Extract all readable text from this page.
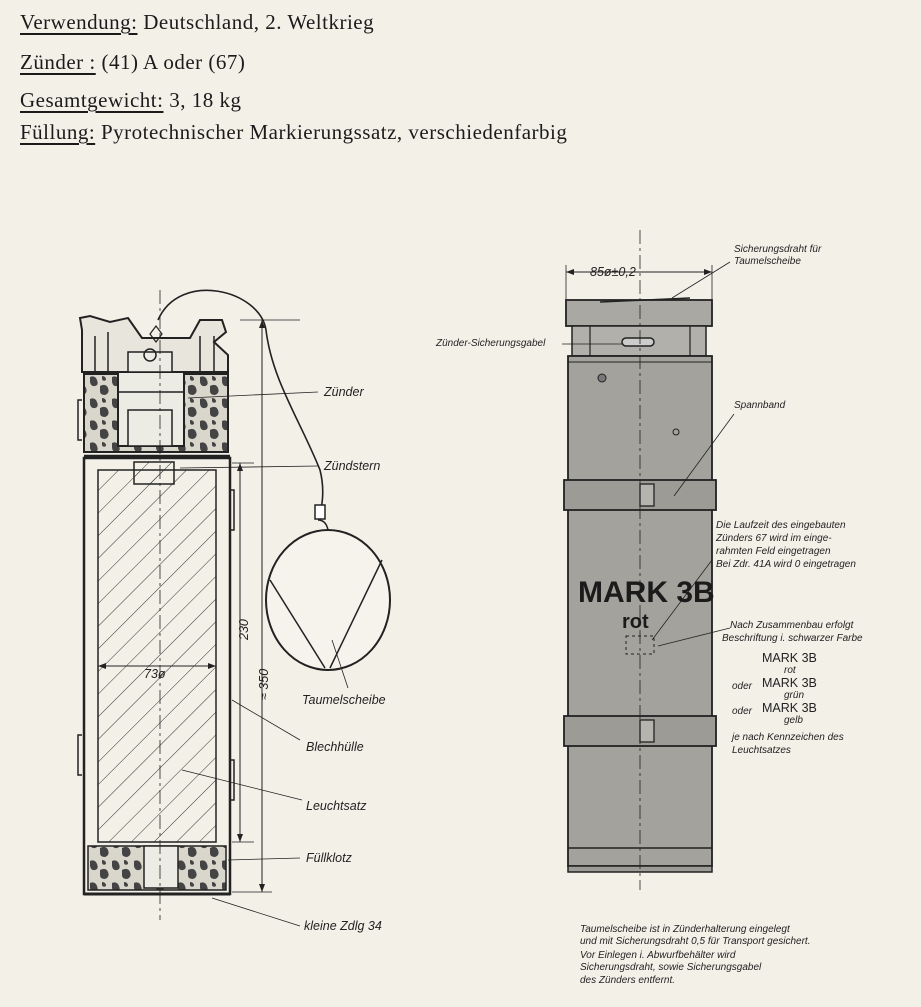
Verwendung: Deutschland, 2. Weltkrieg
Zünder : (41) A oder (67)
Gesamtgewicht: 3, 18 kg
Füllung: Pyrotechnischer Markierungssatz, verschiedenfarbig
Zünder
Zündstern
Taumelscheibe
Blechhülle
Leuchtsatz
Füllklotz
kleine Zdlg 34
73ø
230
≈ 350
85ø±0,2
Sicherungsdraht für
Taumelscheibe
Zünder-Sicherungsgabel
Spannband
Die Laufzeit des eingebauten
Zünders 67 wird im einge-
rahmten Feld eingetragen
Bei Zdr. 41A wird 0 eingetragen
MARK 3B
rot	Nach Zusammenbau erfolgt
Beschriftung i. schwarzer Farbe
MARK 3B
rot
oder MARK 3B
grün
oder MARK 3B
gelb
je nach Kennzeichen des
Leuchtsatzes
Taumelscheibe ist in Zünderhalterung eingelegt
und mit Sicherungsdraht 0,5 für Transport gesichert.
Vor Einlegen i. Abwurfbehälter wird
Sicherungsdraht, sowie Sicherungsgabel
des Zünders entfernt.
